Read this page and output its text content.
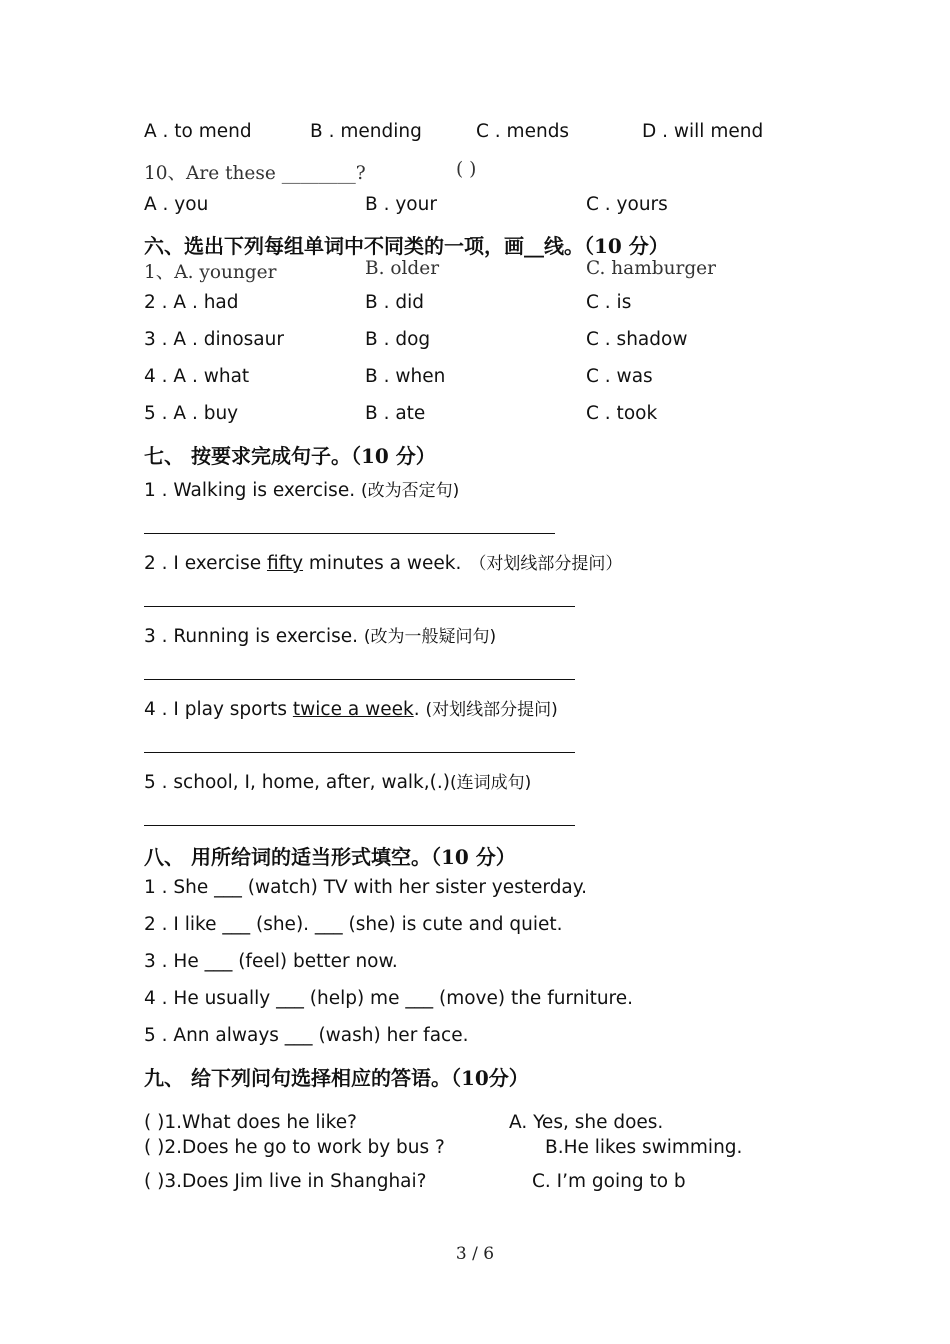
A . to mend	B . mending	C . mends	D . will mend
10、Are these ________?	( )
A . you	B . your	C . yours
六、选出下列每组单词中不同类的一项，画__线。（10 分）
1、A. younger	B. older	C. hamburger
2 . A . had	B . did	C . is
3 . A . dinosaur	B . dog	C . shadow
4 . A . what	B . when	C . was
5 . A . buy	B . ate	C . took
七、 按要求完成句子。（10 分）
1 . Walking is exercise. (改为否定句)
2 . I exercise fifty minutes a week. （对划线部分提问）
3 . Running is exercise. (改为一般疑问句)
4 . I play sports twice a week. (对划线部分提问)
5 . school, I, home, after, walk,(.)(连词成句)
八、 用所给词的适当形式填空。（10 分）
1 . She ___ (watch) TV with her sister yesterday.
2 . I like ___ (she). ___ (she) is cute and quiet.
3 . He ___ (feel) better now.
4 . He usually ___ (help) me ___ (move) the furniture.
5 . Ann always ___ (wash) her face.
九、 给下列问句选择相应的答语。（10分）
( )1.What does he like?	A. Yes, she does.
( )2.Does he go to work by bus ?	B.He likes swimming.
( )3.Does Jim live in Shanghai?	C. I’m going to b
3 / 6
